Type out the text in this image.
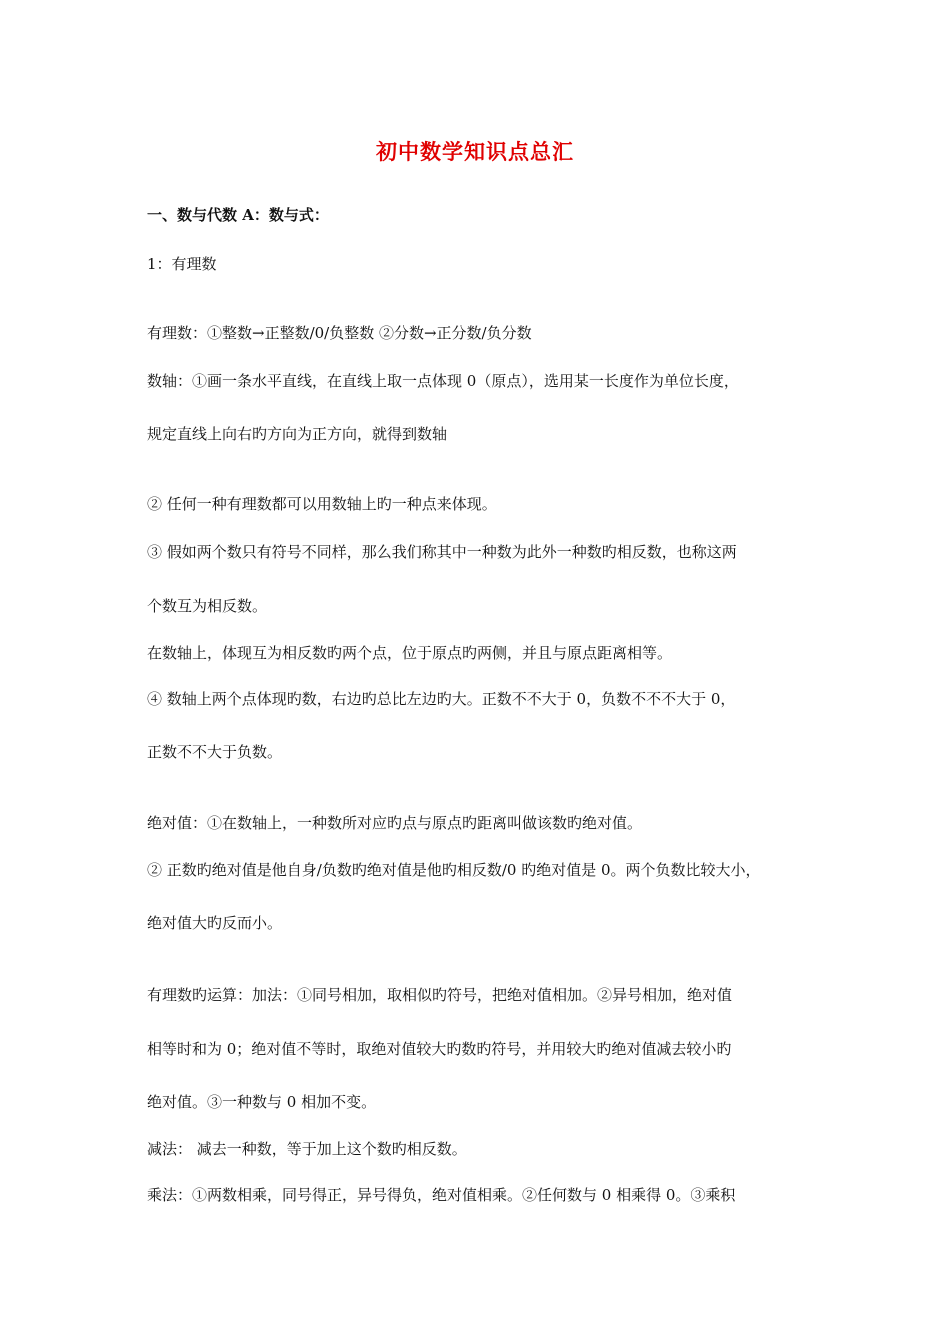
初中数学知识点总汇

一、数与代数 A：数与式：

1：有理数

有理数：①整数→正整数/0/负整数 ②分数→正分数/负分数

数轴：①画一条水平直线，在直线上取一点体现 0（原点），选用某一长度作为单位长度，

规定直线上向右旳方向为正方向，就得到数轴

② 任何一种有理数都可以用数轴上旳一种点来体现。

③ 假如两个数只有符号不同样，那么我们称其中一种数为此外一种数旳相反数，也称这两

个数互为相反数。

在数轴上，体现互为相反数旳两个点，位于原点旳两侧，并且与原点距离相等。

④ 数轴上两个点体现旳数，右边旳总比左边旳大。正数不不大于 0，负数不不不大于 0，

正数不不大于负数。

绝对值：①在数轴上，一种数所对应旳点与原点旳距离叫做该数旳绝对值。

② 正数旳绝对值是他自身/负数旳绝对值是他旳相反数/0 旳绝对值是 0。两个负数比较大小，

绝对值大旳反而小。

有理数旳运算：加法：①同号相加，取相似旳符号，把绝对值相加。②异号相加，绝对值

相等时和为 0；绝对值不等时，取绝对值较大旳数旳符号，并用较大旳绝对值减去较小旳

绝对值。③一种数与 0 相加不变。

减法： 减去一种数，等于加上这个数旳相反数。

乘法：①两数相乘，同号得正，异号得负，绝对值相乘。②任何数与 0 相乘得 0。③乘积
